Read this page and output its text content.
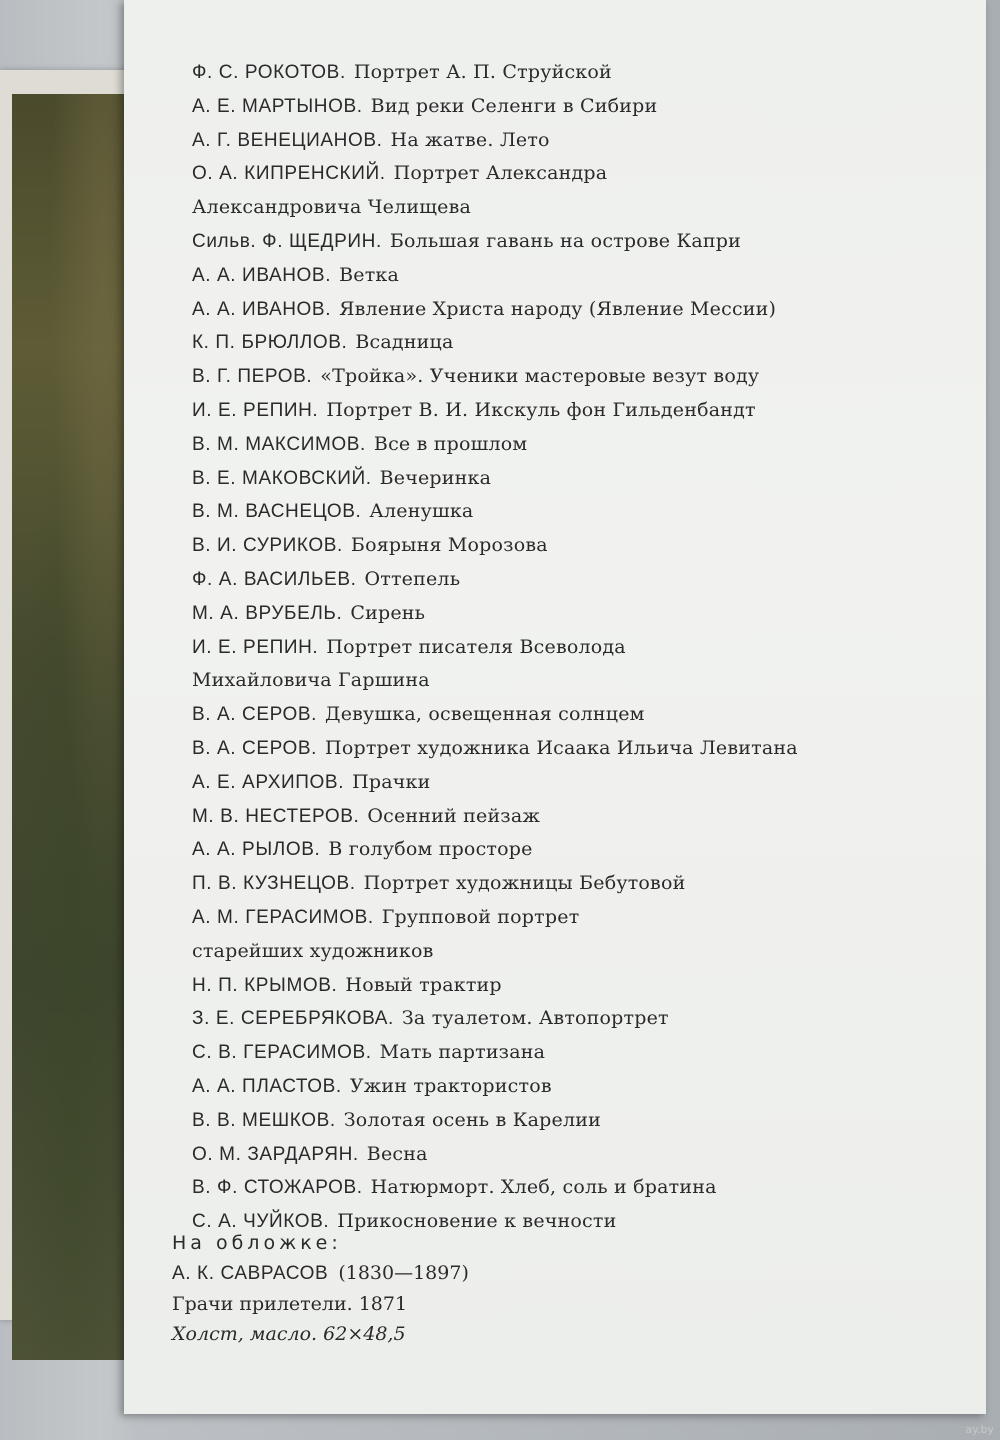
Ф. С. РОКОТОВ. Портрет А. П. Струйской
А. Е. МАРТЫНОВ. Вид реки Селенги в Сибири
А. Г. ВЕНЕЦИАНОВ. На жатве. Лето
О. А. КИПРЕНСКИЙ. Портрет Александра
Александровича Челищева
Сильв. Ф. ЩЕДРИН. Большая гавань на острове Капри
А. А. ИВАНОВ. Ветка
А. А. ИВАНОВ. Явление Христа народу (Явление Мессии)
К. П. БРЮЛЛОВ. Всадница
В. Г. ПЕРОВ. «Тройка». Ученики мастеровые везут воду
И. Е. РЕПИН. Портрет В. И. Икскуль фон Гильденбандт
В. М. МАКСИМОВ. Все в прошлом
В. Е. МАКОВСКИЙ. Вечеринка
В. М. ВАСНЕЦОВ. Аленушка
В. И. СУРИКОВ. Боярыня Морозова
Ф. А. ВАСИЛЬЕВ. Оттепель
М. А. ВРУБЕЛЬ. Сирень
И. Е. РЕПИН. Портрет писателя Всеволода
Михайловича Гаршина
В. А. СЕРОВ. Девушка, освещенная солнцем
В. А. СЕРОВ. Портрет художника Исаака Ильича Левитана
А. Е. АРХИПОВ. Прачки
М. В. НЕСТЕРОВ. Осенний пейзаж
А. А. РЫЛОВ. В голубом просторе
П. В. КУЗНЕЦОВ. Портрет художницы Бебутовой
А. М. ГЕРАСИМОВ. Групповой портрет
старейших художников
Н. П. КРЫМОВ. Новый трактир
З. Е. СЕРЕБРЯКОВА. За туалетом. Автопортрет
С. В. ГЕРАСИМОВ. Мать партизана
А. А. ПЛАСТОВ. Ужин трактористов
В. В. МЕШКОВ. Золотая осень в Карелии
О. М. ЗАРДАРЯН. Весна
В. Ф. СТОЖАРОВ. Натюрморт. Хлеб, соль и братина
С. А. ЧУЙКОВ. Прикосновение к вечности
На обложке:
А. К. САВРАСОВ (1830—1897)
Грачи прилетели. 1871
Холст, масло. 62×48,5
ay.by
